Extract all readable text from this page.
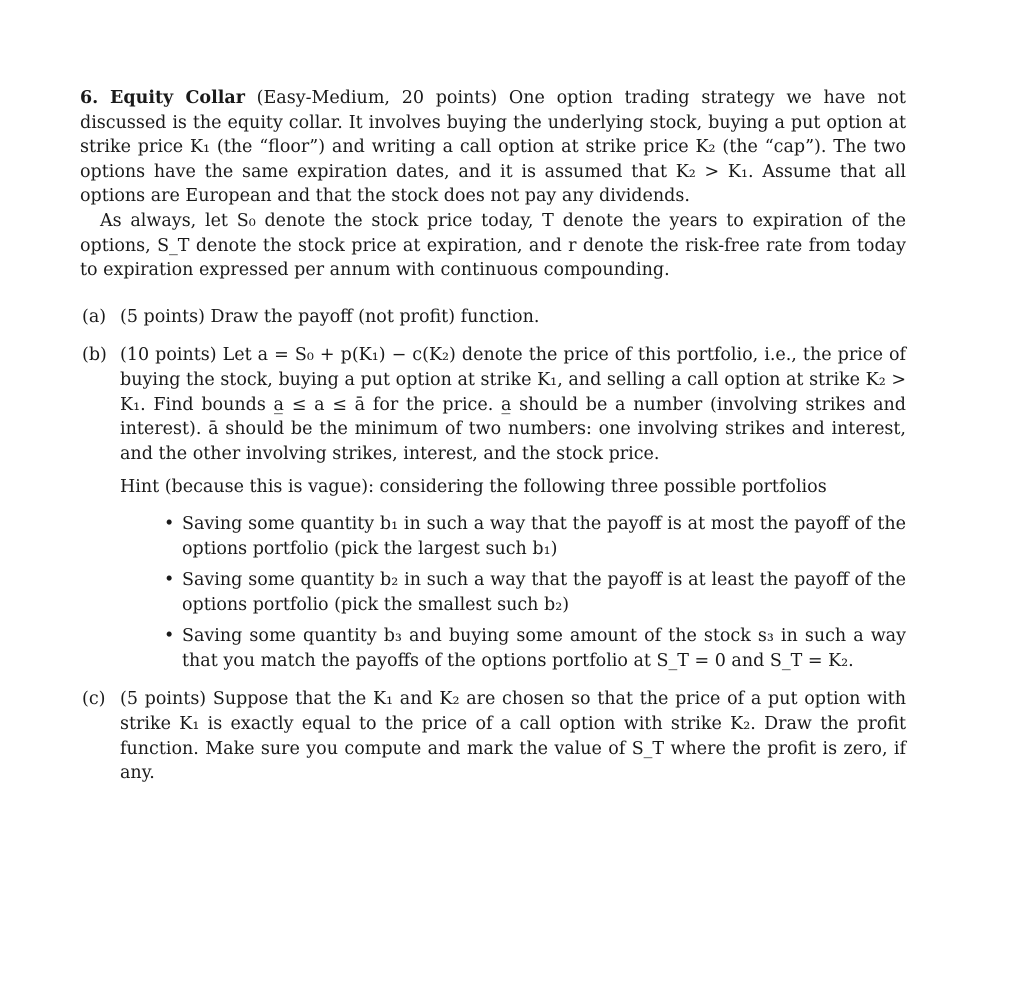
6. Equity Collar (Easy-Medium, 20 points) One option trading strategy we have not discussed is the equity collar. It involves buying the underlying stock, buying a put option at strike price K₁ (the “floor”) and writing a call option at strike price K₂ (the “cap”). The two options have the same expiration dates, and it is assumed that K₂ > K₁. Assume that all options are European and that the stock does not pay any dividends.

As always, let S₀ denote the stock price today, T denote the years to expiration of the options, S_T denote the stock price at expiration, and r denote the risk-free rate from today to expiration expressed per annum with continuous compounding.

(a) (5 points) Draw the payoff (not profit) function.
(b) (10 points) Let a = S₀ + p(K₁) − c(K₂) denote the price of this portfolio, i.e., the price of buying the stock, buying a put option at strike K₁, and selling a call option at strike K₂ > K₁. Find bounds a̲ ≤ a ≤ ā for the price. a̲ should be a number (involving strikes and interest). ā should be the minimum of two numbers: one involving strikes and interest, and the other involving strikes, interest, and the stock price.
Hint (because this is vague): considering the following three possible portfolios
• Saving some quantity b₁ in such a way that the payoff is at most the payoff of the options portfolio (pick the largest such b₁)
• Saving some quantity b₂ in such a way that the payoff is at least the payoff of the options portfolio (pick the smallest such b₂)
• Saving some quantity b₃ and buying some amount of the stock s₃ in such a way that you match the payoffs of the options portfolio at S_T = 0 and S_T = K₂.
(c) (5 points) Suppose that the K₁ and K₂ are chosen so that the price of a put option with strike K₁ is exactly equal to the price of a call option with strike K₂. Draw the profit function. Make sure you compute and mark the value of S_T where the profit is zero, if any.
